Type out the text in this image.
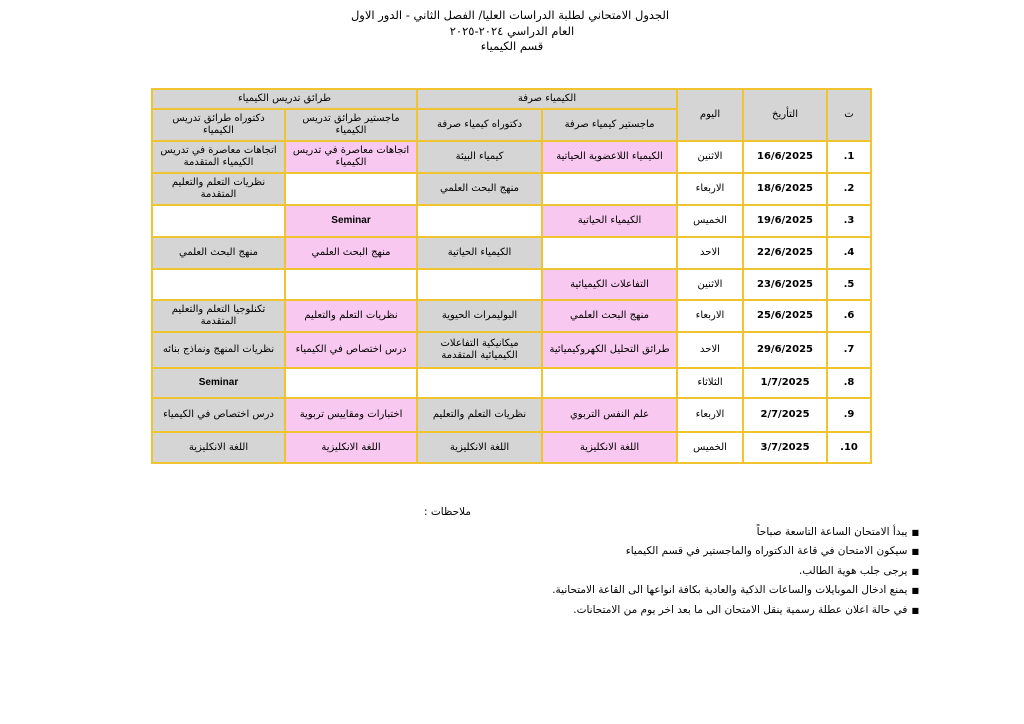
الجدول الامتحاني لطلبة الدراسات العليا/ الفصل الثاني - الدور الاول
العام الدراسي ٢٠٢٤-٢٠٢٥
قسم الكيمياء
ت	التأريخ	اليوم	الكيمياء صرفة		طرائق تدريس الكيمياء	
			ماجستير كيمياء صرفة	دكتوراه كيمياء صرفة	ماجستير طرائق تدريس الكيمياء	دكتوراه طرائق تدريس الكيمياء
.1	16/6/2025	الاثنين	الكيمياء اللاعضوية الحياتية	كيمياء البيئة	اتجاهات معاصرة في تدريس الكيمياء	اتجاهات معاصرة في تدريس الكيمياء المتقدمة
.2	18/6/2025	الاربعاء		منهج البحث العلمي		نظريات التعلم والتعليم المتقدمة
.3	19/6/2025	الخميس	الكيمياء الحياتية		Seminar	
.4	22/6/2025	الاحد		الكيمياء الحياتية	منهج البحث العلمي	منهج البحث العلمي
.5	23/6/2025	الاثنين	التفاعلات الكيميائية			
.6	25/6/2025	الاربعاء	منهج البحث العلمي	البوليمرات الحيوية	نظريات التعلم والتعليم	تكنلوجيا التعلم والتعليم المتقدمة
.7	29/6/2025	الاحد	طرائق التحليل الكهروكيميائية	ميكانيكية التفاعلات الكيميائية المتقدمة	درس اختصاص في الكيمياء	نظريات المنهج ونماذج بنائه
.8	1/7/2025	الثلاثاء				Seminar
.9	2/7/2025	الاربعاء	علم النفس التربوي	نظريات التعلم والتعليم	اختبارات ومقاييس تربوية	درس اختصاص في الكيمياء
.10	3/7/2025	الخميس	اللغة الانكليزية	اللغة الانكليزية	اللغة الانكليزية	اللغة الانكليزية
ملاحظات :
■يبدأ الامتحان الساعة التاسعة صباحاً
■سيكون الامتحان في قاعة الدكتوراه والماجستير في قسم الكيمياء
■يرجى جلب هوية الطالب.
■يمنع ادخال الموبايلات والساعات الذكية والعادية بكافة انواعها الى القاعة الامتحانية.
■في حالة اعلان عطلة رسمية ينقل الامتحان الى ما بعد اخر يوم من الامتحانات.
